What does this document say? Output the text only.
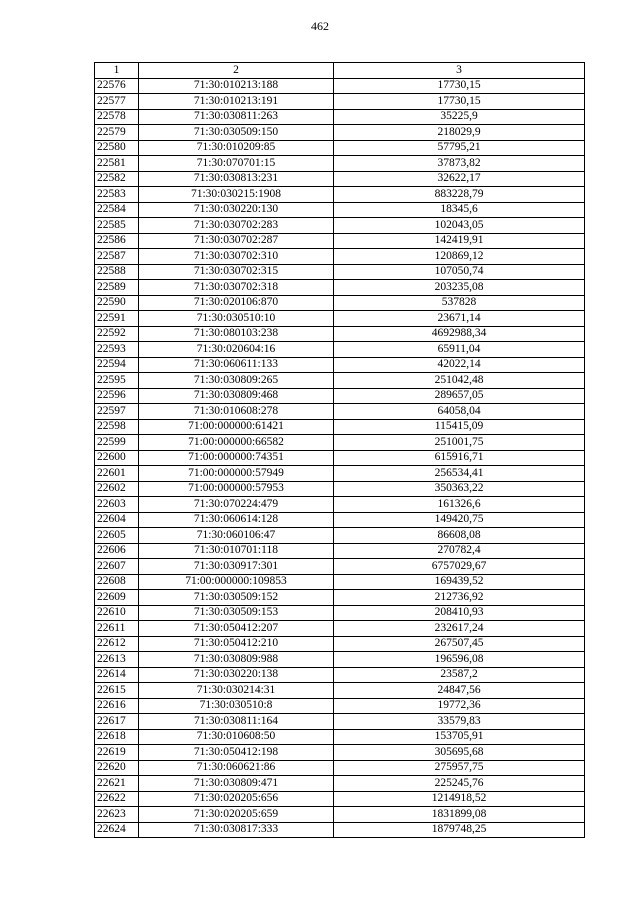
462
1	2	3
22576	71:30:010213:188	17730,15
22577	71:30:010213:191	17730,15
22578	71:30:030811:263	35225,9
22579	71:30:030509:150	218029,9
22580	71:30:010209:85	57795,21
22581	71:30:070701:15	37873,82
22582	71:30:030813:231	32622,17
22583	71:30:030215:1908	883228,79
22584	71:30:030220:130	18345,6
22585	71:30:030702:283	102043,05
22586	71:30:030702:287	142419,91
22587	71:30:030702:310	120869,12
22588	71:30:030702:315	107050,74
22589	71:30:030702:318	203235,08
22590	71:30:020106:870	537828
22591	71:30:030510:10	23671,14
22592	71:30:080103:238	4692988,34
22593	71:30:020604:16	65911,04
22594	71:30:060611:133	42022,14
22595	71:30:030809:265	251042,48
22596	71:30:030809:468	289657,05
22597	71:30:010608:278	64058,04
22598	71:00:000000:61421	115415,09
22599	71:00:000000:66582	251001,75
22600	71:00:000000:74351	615916,71
22601	71:00:000000:57949	256534,41
22602	71:00:000000:57953	350363,22
22603	71:30:070224:479	161326,6
22604	71:30:060614:128	149420,75
22605	71:30:060106:47	86608,08
22606	71:30:010701:118	270782,4
22607	71:30:030917:301	6757029,67
22608	71:00:000000:109853	169439,52
22609	71:30:030509:152	212736,92
22610	71:30:030509:153	208410,93
22611	71:30:050412:207	232617,24
22612	71:30:050412:210	267507,45
22613	71:30:030809:988	196596,08
22614	71:30:030220:138	23587,2
22615	71:30:030214:31	24847,56
22616	71:30:030510:8	19772,36
22617	71:30:030811:164	33579,83
22618	71:30:010608:50	153705,91
22619	71:30:050412:198	305695,68
22620	71:30:060621:86	275957,75
22621	71:30:030809:471	225245,76
22622	71:30:020205:656	1214918,52
22623	71:30:020205:659	1831899,08
22624	71:30:030817:333	1879748,25
